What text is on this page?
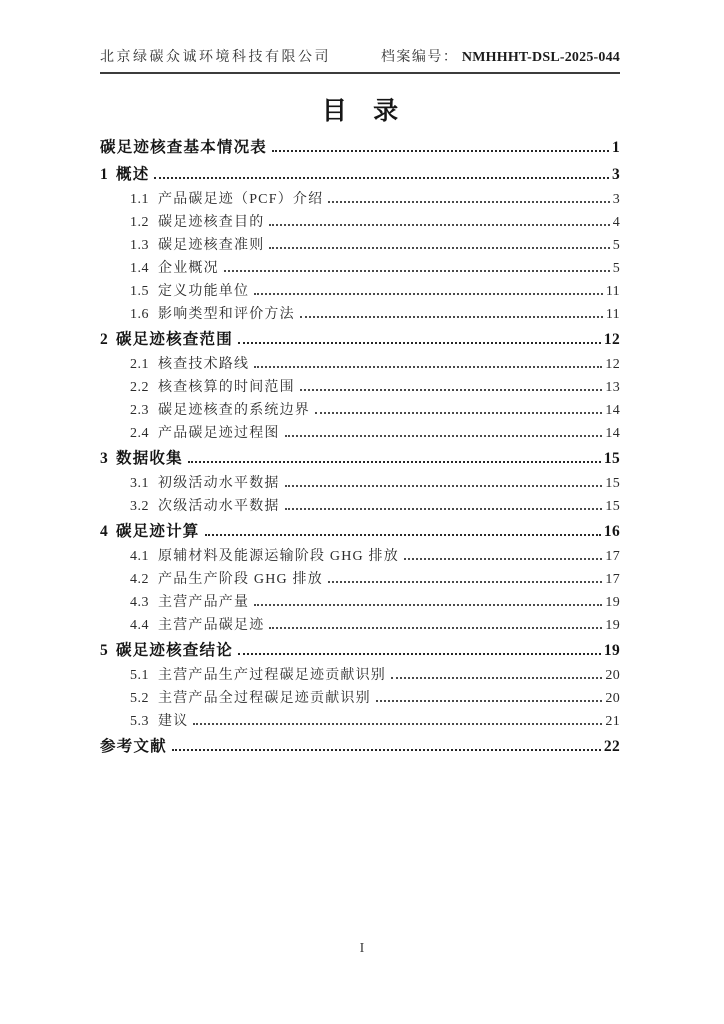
北京绿碳众诚环境科技有限公司	档案编号： NMHHHT-DSL-2025-044
目 录
碳足迹核查基本情况表	1
1 概述	3
1.1 产品碳足迹（PCF）介绍	3
1.2 碳足迹核查目的	4
1.3 碳足迹核查准则	5
1.4 企业概况	5
1.5 定义功能单位	11
1.6 影响类型和评价方法	11
2 碳足迹核查范围	12
2.1 核查技术路线	12
2.2 核查核算的时间范围	13
2.3 碳足迹核查的系统边界	14
2.4 产品碳足迹过程图	14
3 数据收集	15
3.1 初级活动水平数据	15
3.2 次级活动水平数据	15
4 碳足迹计算	16
4.1 原辅材料及能源运输阶段 GHG 排放	17
4.2 产品生产阶段 GHG 排放	17
4.3 主营产品产量	19
4.4 主营产品碳足迹	19
5 碳足迹核查结论	19
5.1 主营产品生产过程碳足迹贡献识别	20
5.2 主营产品全过程碳足迹贡献识别	20
5.3 建议	21
参考文献	22
I
